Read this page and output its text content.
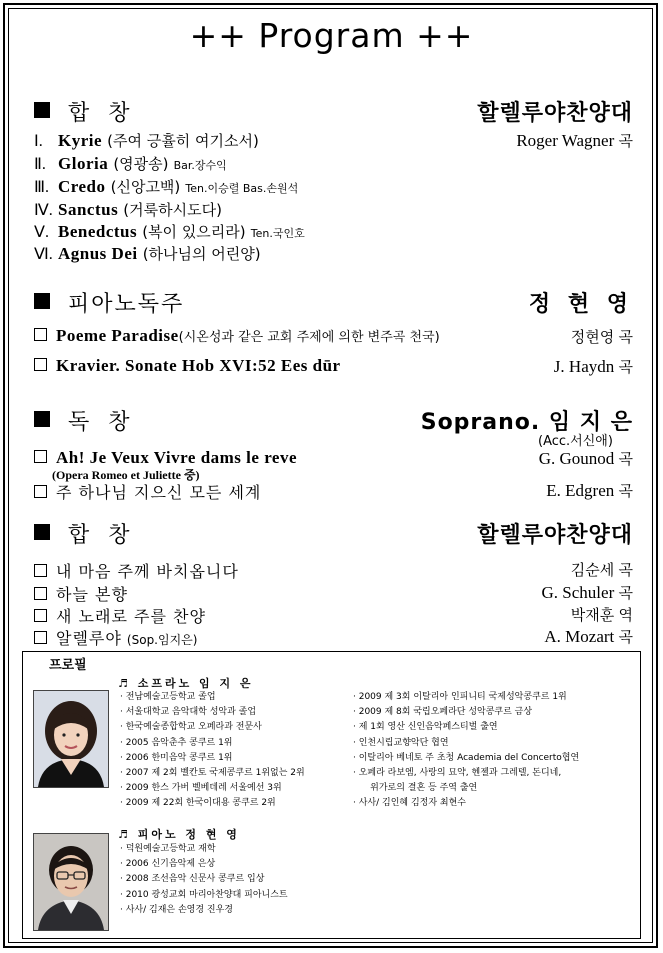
++ Program ++
합 창	할렐루야찬양대
Ⅰ. Kyrie (주여 긍휼히 여기소서)	Roger Wagner 곡
Ⅱ. Gloria (영광송) Bar.장수익
Ⅲ. Credo (신앙고백) Ten.이승렬 Bas.손원석
Ⅳ. Sanctus (거룩하시도다)
Ⅴ. Benedctus (복이 있으리라) Ten.국인호
Ⅵ. Agnus Dei (하나님의 어린양)
피아노독주	정 현 영
Poeme Paradise(시온성과 같은 교회 주제에 의한 변주곡 천국)	정현영 곡
Kravier. Sonate Hob XVI:52 Ees dūr	J. Haydn 곡
독 창	Soprano. 임 지 은
(Acc.서신애)
Ah! Je Veux Vivre dams le reve	G. Gounod 곡
(Opera Romeo et Juliette 중)
주 하나님 지으신 모든 세계	E. Edgren 곡
합 창	할렐루야찬양대
내 마음 주께 바치옵니다	김순세 곡
하늘 본향	G. Schuler 곡
새 노래로 주를 찬양	박재훈 역
알렐루야 (Sop.임지은)	A. Mozart 곡
프로필
♬ 소프라노 임 지 은
· 전남예술고등학교 졸업
· 서울대학교 음악대학 성악과 졸업
· 한국예술종합학교 오페라과 전문사
· 2005 음악춘추 콩쿠르 1위
· 2006 한미음악 콩쿠르 1위
· 2007 제 2회 벨칸토 국제콩쿠르 1위없는 2위
· 2009 한스 가버 벨베데레 서울예선 3위
· 2009 제 22회 한국이대용 콩쿠르 2위
· 2009 제 3회 이탈리아 인피니티 국제성악콩쿠르 1위
· 2009 제 8회 국립오페라단 성악콩쿠르 금상
· 제 1회 영산 신인음악페스티벌 출연
· 인천시립교향악단 협연
· 이탈리아 베네토 주 초청 Academia del Concerto협연
· 오페라 라보엠, 사랑의 묘약, 헨젤과 그레텔, 돈디네,
위가로의 결혼 등 주역 출연
· 사사/ 김인혜 김정자 최현수
♬ 피아노 정 현 영
· 덕원예술고등학교 재학
· 2006 신기음악제 은상
· 2008 조선음악 신문사 콩쿠르 입상
· 2010 광성교회 마리아찬양대 피아니스트
· 사사/ 김재은 손영경 진우경
